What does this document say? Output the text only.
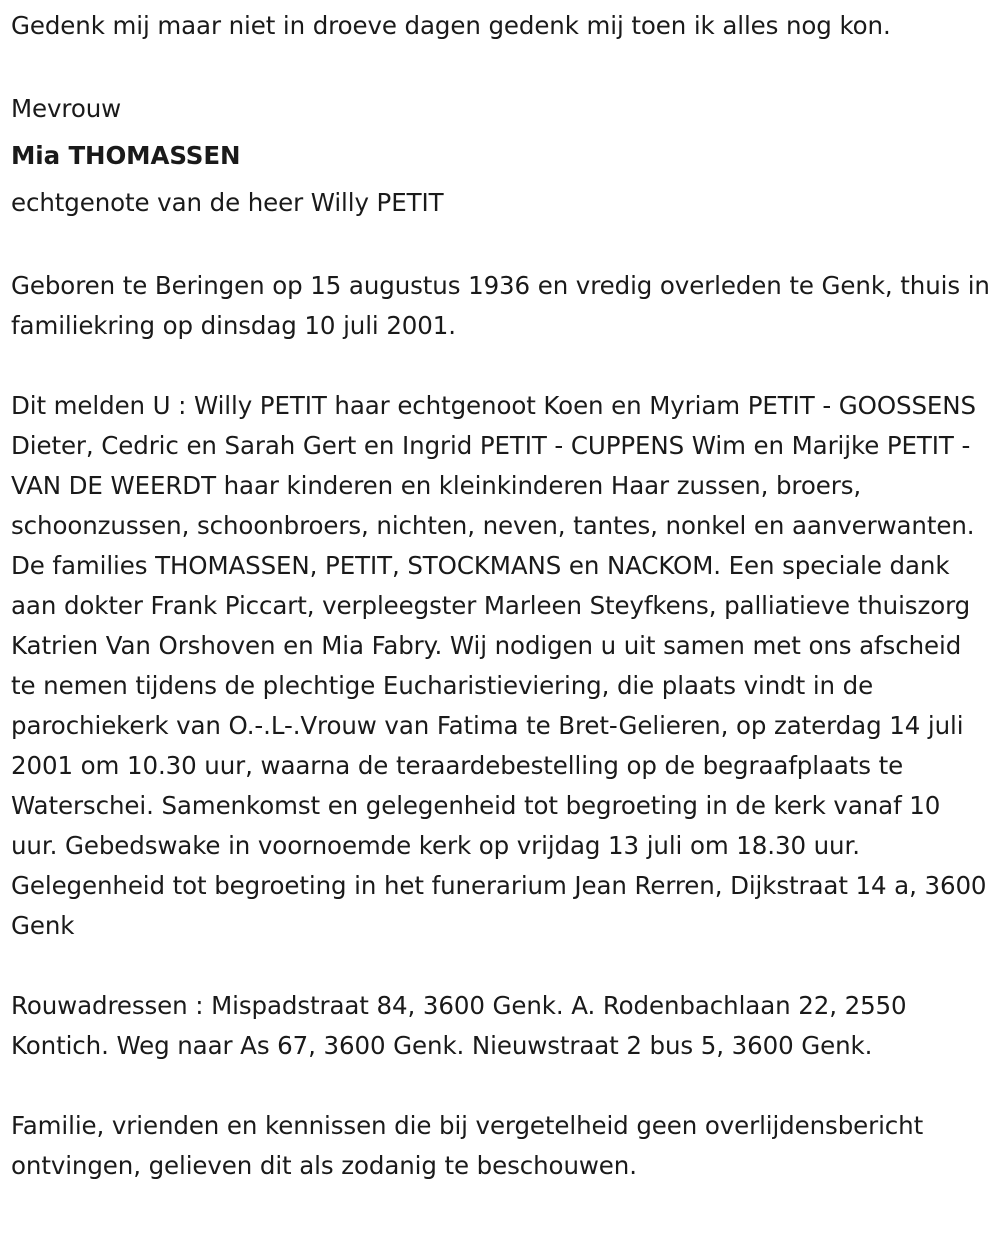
Gedenk mij maar niet in droeve dagen gedenk mij toen ik alles nog kon.

Mevrouw

Mia THOMASSEN

echtgenote van de heer Willy PETIT

Geboren te Beringen op 15 augustus 1936 en vredig overleden te Genk, thuis in familiekring op dinsdag 10 juli 2001.

Dit melden U : Willy PETIT haar echtgenoot Koen en Myriam PETIT - GOOSSENS Dieter, Cedric en Sarah Gert en Ingrid PETIT - CUPPENS Wim en Marijke PETIT - VAN DE WEERDT haar kinderen en kleinkinderen Haar zussen, broers, schoonzussen, schoonbroers, nichten, neven, tantes, nonkel en aanverwanten. De families THOMASSEN, PETIT, STOCKMANS en NACKOM. Een speciale dank aan dokter Frank Piccart, verpleegster Marleen Steyfkens, palliatieve thuiszorg Katrien Van Orshoven en Mia Fabry. Wij nodigen u uit samen met ons afscheid te nemen tijdens de plechtige Eucharistieviering, die plaats vindt in de parochiekerk van O.-.L-.Vrouw van Fatima te Bret-Gelieren, op zaterdag 14 juli 2001 om 10.30 uur, waarna de teraardebestelling op de begraafplaats te Waterschei. Samenkomst en gelegenheid tot begroeting in de kerk vanaf 10 uur. Gebedswake in voornoemde kerk op vrijdag 13 juli om 18.30 uur. Gelegenheid tot begroeting in het funerarium Jean Rerren, Dijkstraat 14 a, 3600 Genk

Rouwadressen : Mispadstraat 84, 3600 Genk. A. Rodenbachlaan 22, 2550 Kontich. Weg naar As 67, 3600 Genk. Nieuwstraat 2 bus 5, 3600 Genk.

Familie, vrienden en kennissen die bij vergetelheid geen overlijdensbericht ontvingen, gelieven dit als zodanig te beschouwen.
